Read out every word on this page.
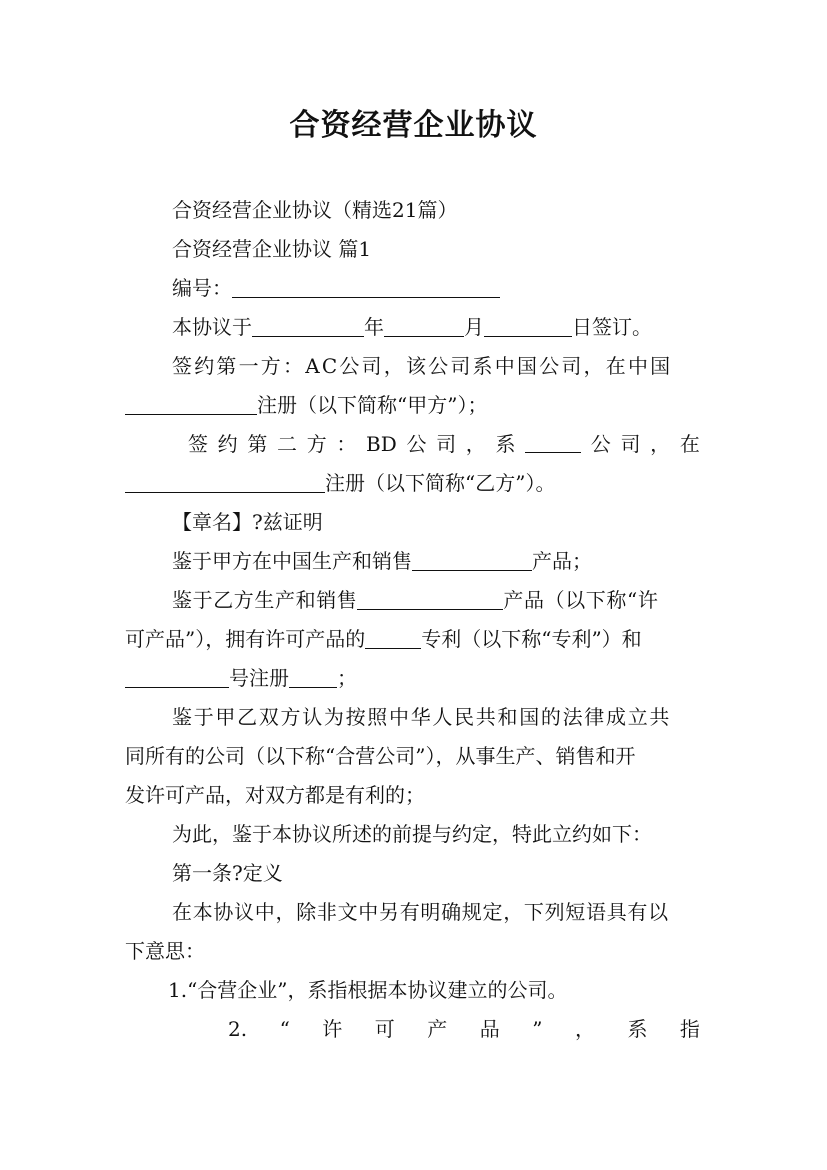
合资经营企业协议
合资经营企业协议（精选21篇）
合资经营企业协议 篇1
编号：
本协议于	年	月	日签订。
签约第一方：AC公司，该公司系中国公司，在中国
注册（以下简称“甲方”）；
签 约 第 二 方 ： BD 公 司 ， 系	公 司 ， 在
注册（以下简称“乙方”）。
【章名】?兹证明
鉴于甲方在中国生产和销售	产品；
鉴于乙方生产和销售	产品（以下称“许
可产品”），拥有许可产品的	专利（以下称“专利”）和
号注册 ；
鉴于甲乙双方认为按照中华人民共和国的法律成立共
同所有的公司（以下称“合营公司”），从事生产、销售和开
发许可产品，对双方都是有利的；
为此，鉴于本协议所述的前提与约定，特此立约如下：
第一条?定义
在本协议中，除非文中另有明确规定，下列短语具有以
下意思：
1.“合营企业”，系指根据本协议建立的公司。
2. “ 许 可 产 品 ” ， 系 指
